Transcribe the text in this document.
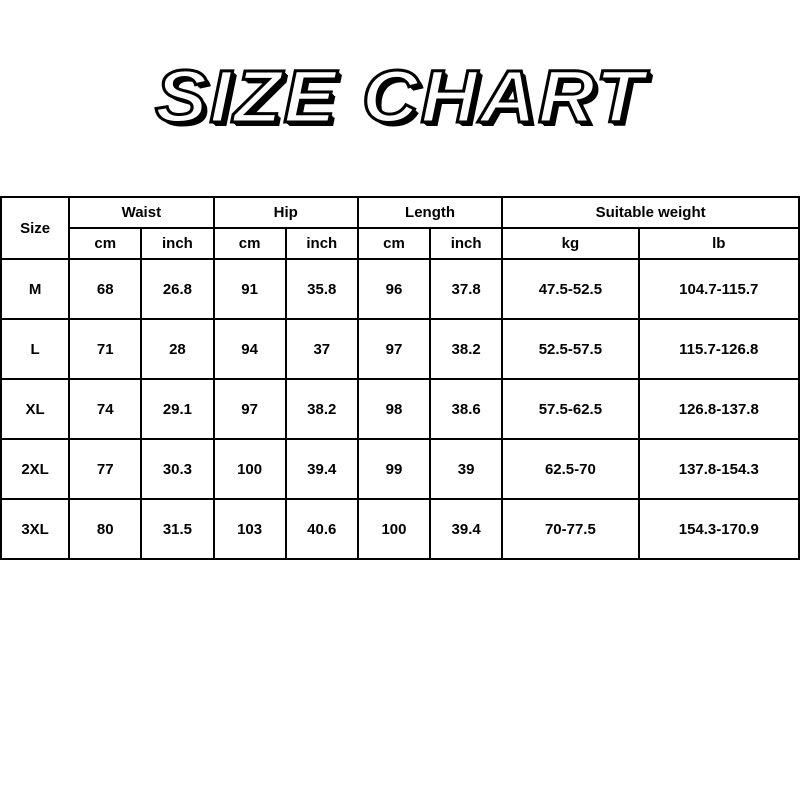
SIZE CHART
Size	Waist		Hip		Length		Suitable weight	
	cm	inch	cm	inch	cm	inch	kg	lb
M	68	26.8	91	35.8	96	37.8	47.5-52.5	104.7-115.7
L	71	28	94	37	97	38.2	52.5-57.5	115.7-126.8
XL	74	29.1	97	38.2	98	38.6	57.5-62.5	126.8-137.8
2XL	77	30.3	100	39.4	99	39	62.5-70	137.8-154.3
3XL	80	31.5	103	40.6	100	39.4	70-77.5	154.3-170.9
